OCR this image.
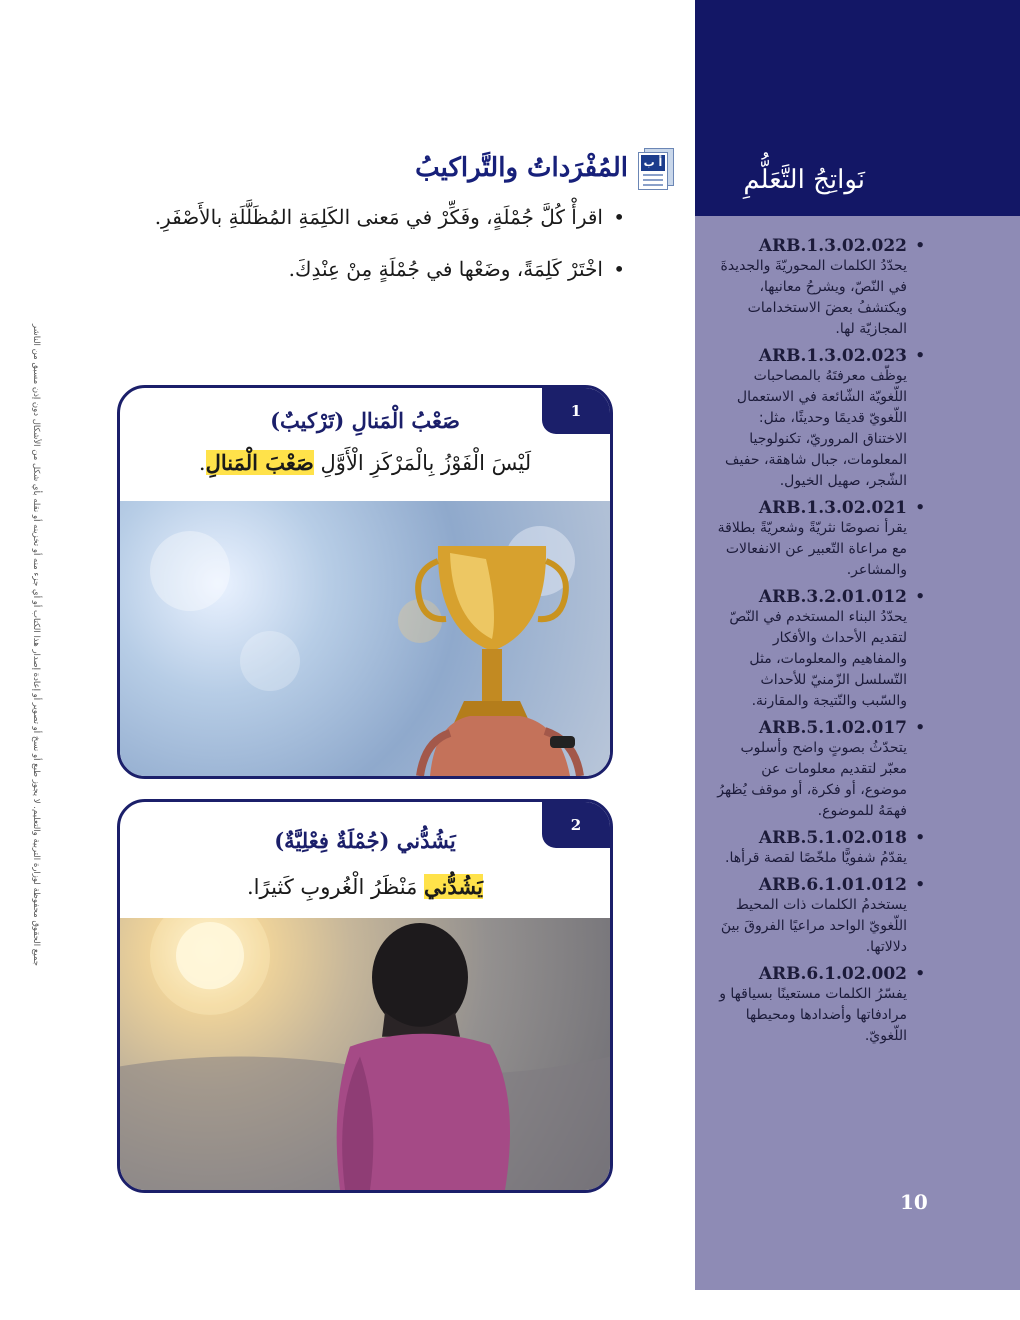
جميع الحقوق محفوظة لوزارة التربية والتعليم. لا يجوز طبع أو نسخ أو تصوير أو إعادة إصدار هذا الكتاب أو أي جزء منه أو تخزينه أو نقله بأي شكل من الأشكال دون إذن مسبق من الناشر
أ ب
المُفْرَداتُ والتَّراكيبُ
• اقرأْ كُلَّ جُمْلَةٍ، وفَكِّرْ في مَعنى الكَلِمَةِ المُظَلَّلَةِ بالأَصْفَرِ.
• اخْتَرْ كَلِمَةً، وضَعْها في جُمْلَةٍ مِنْ عِنْدِكَ.
1
صَعْبُ الْمَنالِ (تَرْكيبٌ)
لَيْسَ الْفَوْزُ بِالْمَرْكَزِ الْأَوَّلِ صَعْبَ الْمَنالِ.
2
يَشُدُّني (جُمْلَةٌ فِعْلِيَّةٌ)
يَشُدُّني مَنْظَرُ الْغُروبِ كَثيرًا.
نَواتِجُ التَّعَلُّمِ
•
ARB.1.3.02.022
يحدّدُ الكلمات المحوريّةَ والجديدةَ في النّصّ، ويشرحُ معانيها، ويكتشفُ بعضَ الاستخدامات المجازيّة لها.
•
ARB.1.3.02.023
يوظّف معرفتَهُ بالمصاحبات اللّغويّة الشّائعة في الاستعمال اللّغويّ قديمًا وحديثًا، مثل: الاختناق المروريّ، تكنولوجيا المعلومات، جبال شاهقة، حفيف الشّجر، صهيل الخيول.
•
ARB.1.3.02.021
يقرأ نصوصًا نثريّةً وشعريّةً بطلاقة مع مراعاة التّعبير عن الانفعالات والمشاعر.
•
ARB.3.2.01.012
يحدّدُ البناء المستخدم في النّصّ لتقديم الأحداث والأفكار والمفاهيم والمعلومات، مثل التّسلسل الزّمنيّ للأحداث والسّبب والنّتيجة والمقارنة.
•
ARB.5.1.02.017
يتحدّثُ بصوتٍ واضح وأسلوب معبّر لتقديم معلومات عن موضوع، أو فكرة، أو موقف يُظهرُ فهمَهُ للموضوع.
•
ARB.5.1.02.018
يقدّمُ شفويًّا ملخّصًا لقصة قرأها.
•
ARB.6.1.01.012
يستخدمُ الكلمات ذات المحيط اللّغويّ الواحد مراعيًا الفروقَ بينَ دلالاتها.
•
ARB.6.1.02.002
يفسّرُ الكلمات مستعينًا بسياقها و مرادفاتها وأضدادها ومحيطها اللّغويّ.
10
